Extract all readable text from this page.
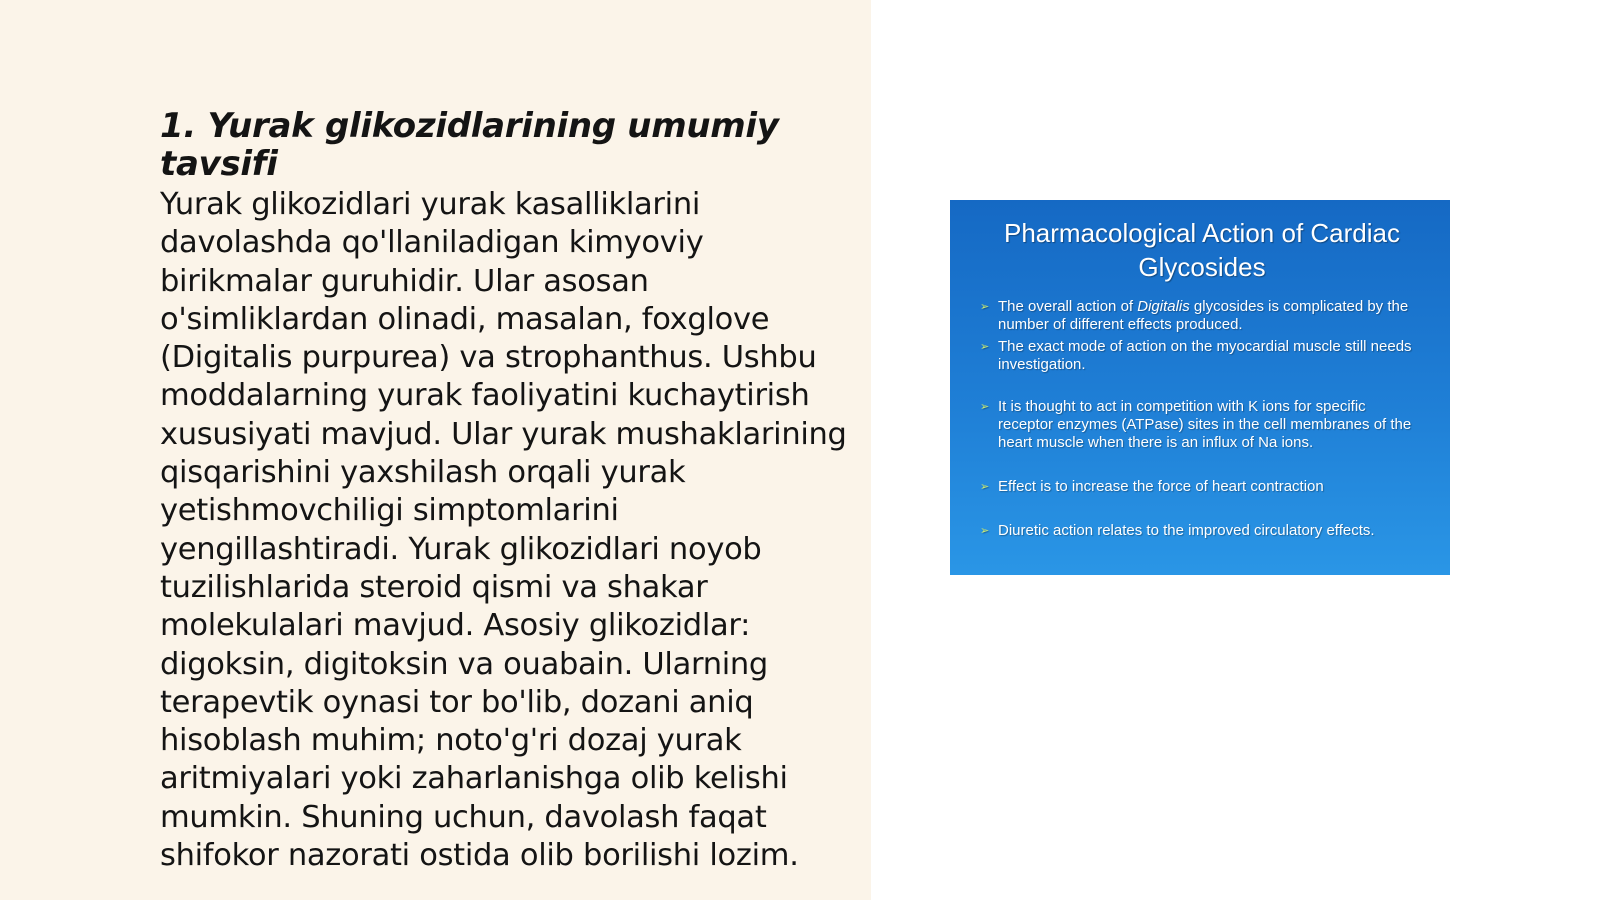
1. Yurak glikozidlarining umumiy tavsifi

Yurak glikozidlari yurak kasalliklarini davolashda qo'llaniladigan kimyoviy birikmalar guruhidir. Ular asosan o'simliklardan olinadi, masalan, foxglove (Digitalis purpurea) va strophanthus. Ushbu moddalarning yurak faoliyatini kuchaytirish xususiyati mavjud. Ular yurak mushaklarining qisqarishini yaxshilash orqali yurak yetishmovchiligi simptomlarini yengillashtiradi. Yurak glikozidlari noyob tuzilishlarida steroid qismi va shakar molekulalari mavjud. Asosiy glikozidlar: digoksin, digitoksin va ouabain. Ularning terapevtik oynasi tor bo'lib, dozani aniq hisoblash muhim; noto'g'ri dozaj yurak aritmiyalari yoki zaharlanishga olib kelishi mumkin. Shuning uchun, davolash faqat shifokor nazorati ostida olib borilishi lozim.

Pharmacological Action of Cardiac Glycosides
➢ The overall action of Digitalis glycosides is complicated by the number of different effects produced.
➢ The exact mode of action on the myocardial muscle still needs investigation.
➢ It is thought to act in competition with K ions for specific receptor enzymes (ATPase) sites in the cell membranes of the heart muscle when there is an influx of Na ions.
➢ Effect is to increase the force of heart contraction
➢ Diuretic action relates to the improved circulatory effects.
